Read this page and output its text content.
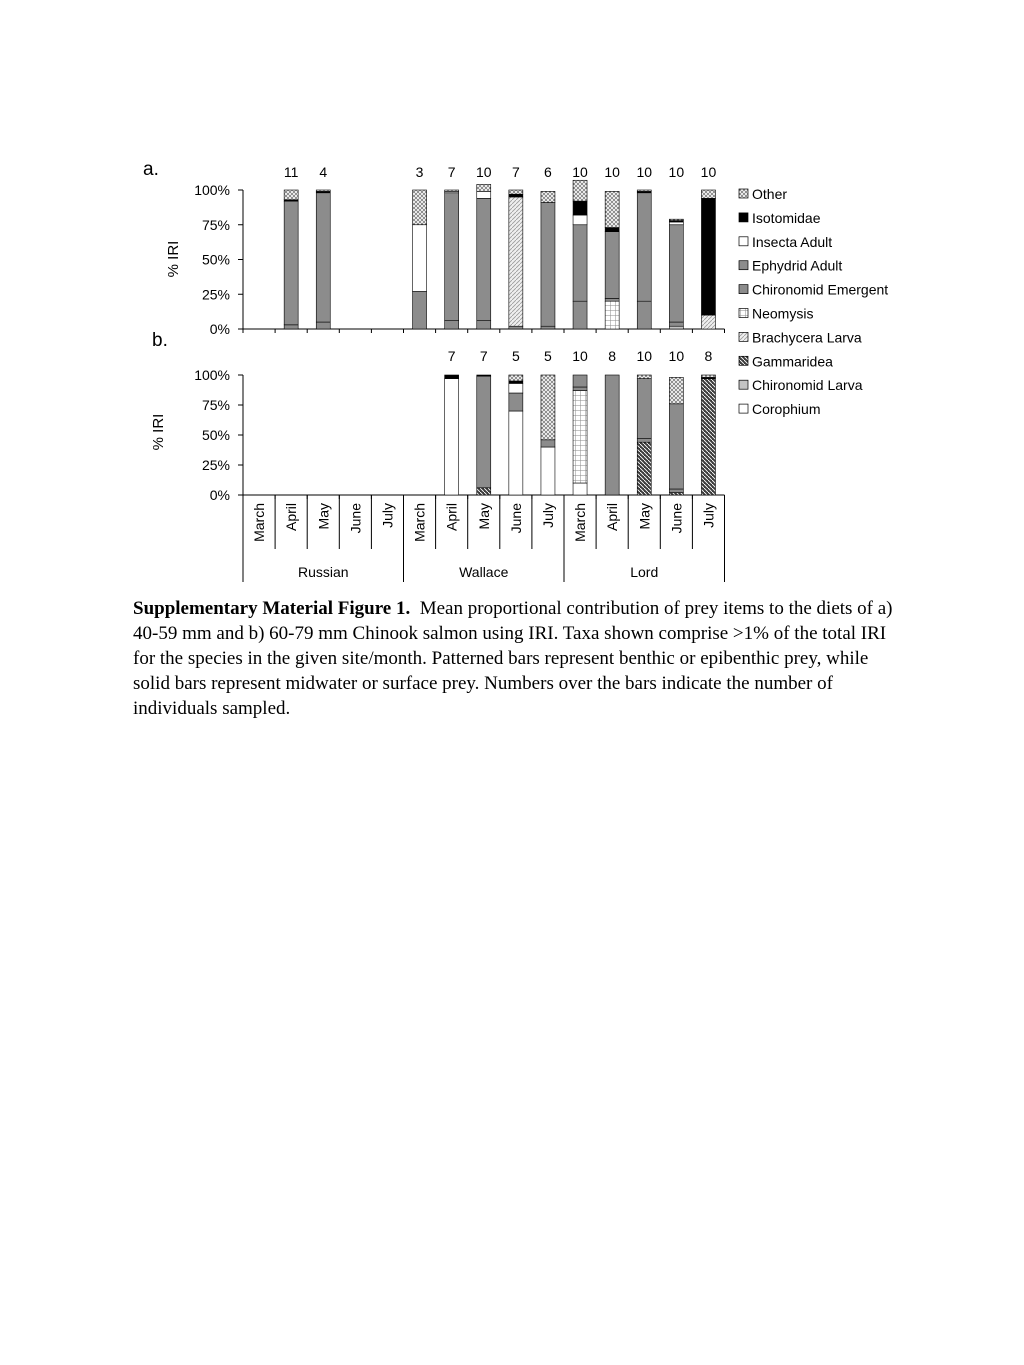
a.
b.
% IRI
% IRI
0%
25%
50%
75%
100%
11 4	3 7 10 7 6 10 10 10 10 10
0%
25%
50%
75%
100%
7 7 5 5 10 8 10 10 8
March April May June July March April May June July March April May June July
Russian	Wallace	Lord
Other
Isotomidae
Insecta Adult
Ephydrid Adult
Chironomid Emergent
Neomysis
Brachycera Larva
Gammaridea
Chironomid Larva
Corophium
Supplementary Material Figure 1. Mean proportional contribution of prey items to the diets of a) 40-59 mm and b) 60-79 mm Chinook salmon using IRI. Taxa shown comprise >1% of the total IRI for the species in the given site/month. Patterned bars represent benthic or epibenthic prey, while solid bars represent midwater or surface prey. Numbers over the bars indicate the number of individuals sampled.
